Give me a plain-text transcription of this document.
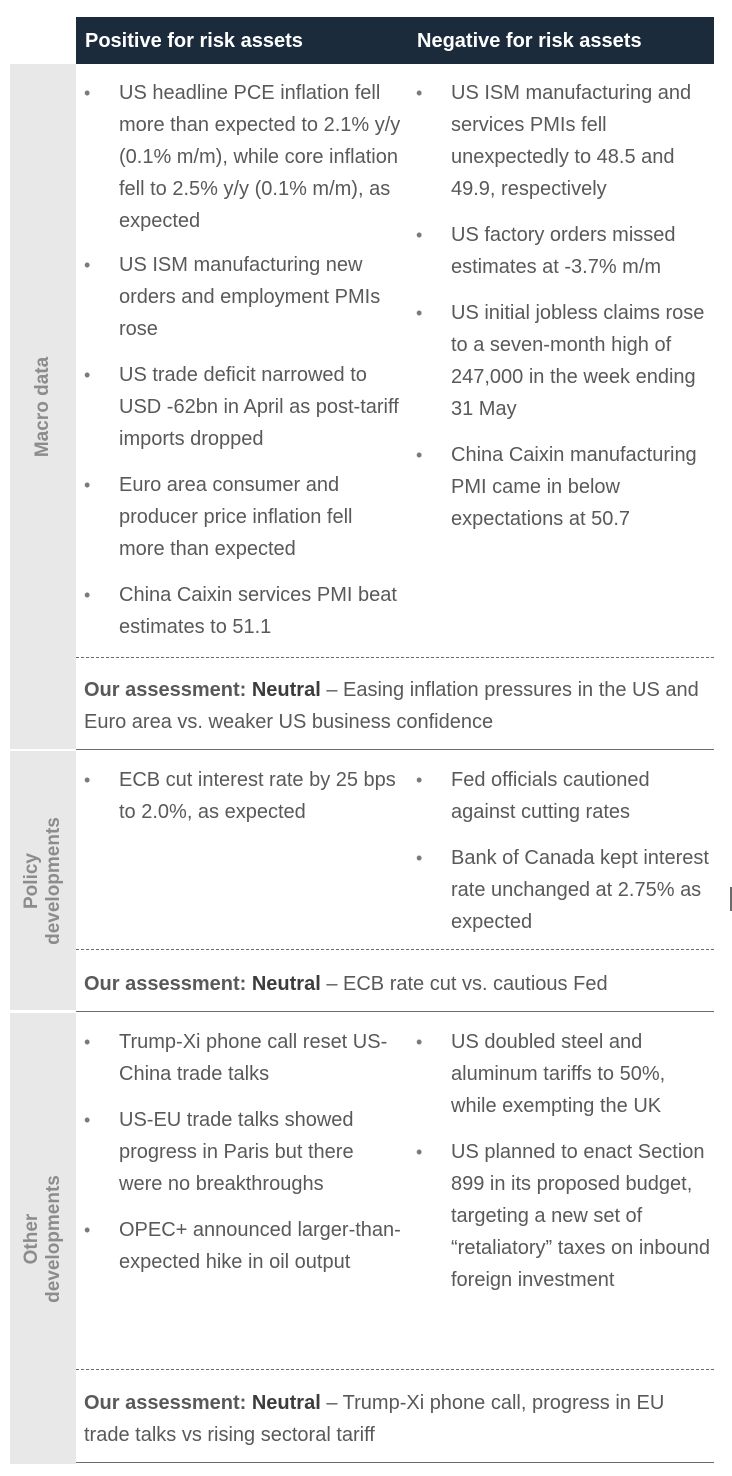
Positive for risk assets	Negative for risk assets
Macro data
• US headline PCE inflation fell more than expected to 2.1% y/y (0.1% m/m), while core inflation fell to 2.5% y/y (0.1% m/m), as expected
• US ISM manufacturing new orders and employment PMIs rose
• US trade deficit narrowed to USD -62bn in April as post-tariff imports dropped
• Euro area consumer and producer price inflation fell more than expected
• China Caixin services PMI beat estimates to 51.1
• US ISM manufacturing and services PMIs fell unexpectedly to 48.5 and 49.9, respectively
• US factory orders missed estimates at -3.7% m/m
• US initial jobless claims rose to a seven-month high of 247,000 in the week ending 31 May
• China Caixin manufacturing PMI came in below expectations at 50.7
Our assessment: Neutral – Easing inflation pressures in the US and Euro area vs. weaker US business confidence
Policy developments
• ECB cut interest rate by 25 bps to 2.0%, as expected
• Fed officials cautioned against cutting rates
• Bank of Canada kept interest rate unchanged at 2.75% as expected
Our assessment: Neutral – ECB rate cut vs. cautious Fed
Other developments
• Trump-Xi phone call reset US-China trade talks
• US-EU trade talks showed progress in Paris but there were no breakthroughs
• OPEC+ announced larger-than-expected hike in oil output
• US doubled steel and aluminum tariffs to 50%, while exempting the UK
• US planned to enact Section 899 in its proposed budget, targeting a new set of “retaliatory” taxes on inbound foreign investment
Our assessment: Neutral – Trump-Xi phone call, progress in EU trade talks vs rising sectoral tariff
